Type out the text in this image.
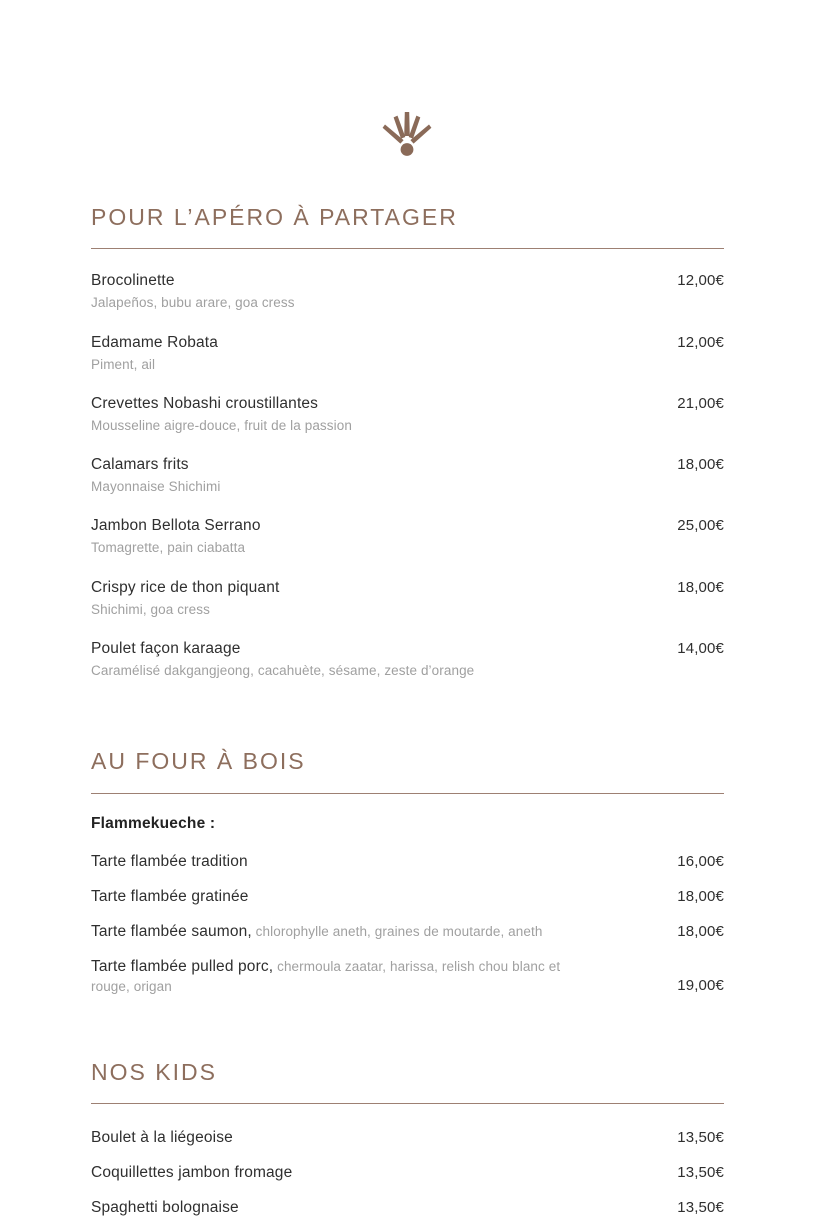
POUR L’APÉRO À PARTAGER
Brocolinette
Jalapeños, bubu arare, goa cress
12,00€
Edamame Robata
Piment, ail
12,00€
Crevettes Nobashi croustillantes
Mousseline aigre-douce, fruit de la passion
21,00€
Calamars frits
Mayonnaise Shichimi
18,00€
Jambon Bellota Serrano
Tomagrette, pain ciabatta
25,00€
Crispy rice de thon piquant
Shichimi, goa cress
18,00€
Poulet façon karaage
Caramélisé dakgangjeong, cacahuète, sésame, zeste d’orange
14,00€
AU FOUR À BOIS
Flammekueche :
Tarte flambée tradition	16,00€
Tarte flambée gratinée	18,00€
Tarte flambée saumon, chlorophylle aneth, graines de moutarde, aneth	18,00€
Tarte flambée pulled porc, chermoula zaatar, harissa, relish chou blanc et rouge, origan	19,00€
NOS KIDS
Boulet à la liégeoise	13,50€
Coquillettes jambon fromage	13,50€
Spaghetti bolognaise	13,50€
